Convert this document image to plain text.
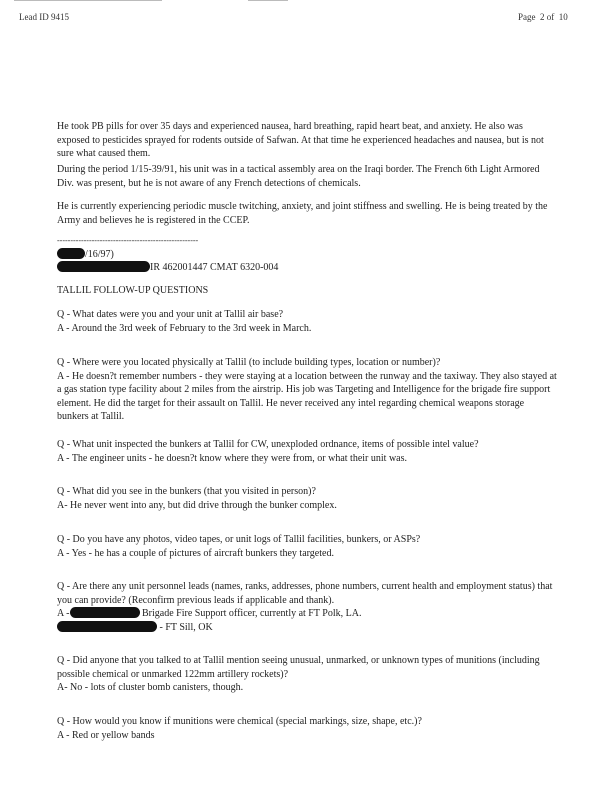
Lead ID 9415	Page  2 of  10
He took PB pills for over 35 days and experienced nausea, hard breathing, rapid heart beat, and anxiety. He also was exposed to pesticides sprayed for rodents outside of Safwan. At that time he experienced headaches and nausea, but is not sure what caused them.
During the period 1/15-39/91, his unit was in a tactical assembly area on the Iraqi border. The French 6th Light Armored Div. was present, but he is not aware of any French detections of chemicals.
He is currently experiencing periodic muscle twitching, anxiety, and joint stiffness and swelling. He is being treated by the Army and believes he is registered in the CCEP.
-----------------------------------------------------
/16/97)
IR 462001447 CMAT 6320-004
TALLIL FOLLOW-UP QUESTIONS
Q - What dates were you and your unit at Tallil air base?
A - Around the 3rd week of February to the 3rd week in March.
Q - Where were you located physically at Tallil (to include building types, location or number)?
A - He doesn?t remember numbers - they were staying at a location between the runway and the taxiway. They also stayed at a gas station type facility about 2 miles from the airstrip. His job was Targeting and Intelligence for the brigade fire support element. He did the target for their assault on Tallil. He never received any intel regarding chemical weapons storage bunkers at Tallil.
Q - What unit inspected the bunkers at Tallil for CW, unexploded ordnance, items of possible intel value?
A - The engineer units - he doesn?t know where they were from, or what their unit was.
Q - What did you see in the bunkers (that you visited in person)?
A- He never went into any, but did drive through the bunker complex.
Q - Do you have any photos, video tapes, or unit logs of Tallil facilities, bunkers, or ASPs?
A - Yes - he has a couple of pictures of aircraft bunkers they targeted.
Q - Are there any unit personnel leads (names, ranks, addresses, phone numbers, current health and employment status) that you can provide? (Reconfirm previous leads if applicable and thank).
A -	Brigade Fire Support officer, currently at FT Polk, LA.
- FT Sill, OK
Q - Did anyone that you talked to at Tallil mention seeing unusual, unmarked, or unknown types of munitions (including possible chemical or unmarked 122mm artillery rockets)?
A- No - lots of cluster bomb canisters, though.
Q - How would you know if munitions were chemical (special markings, size, shape, etc.)?
A - Red or yellow bands
